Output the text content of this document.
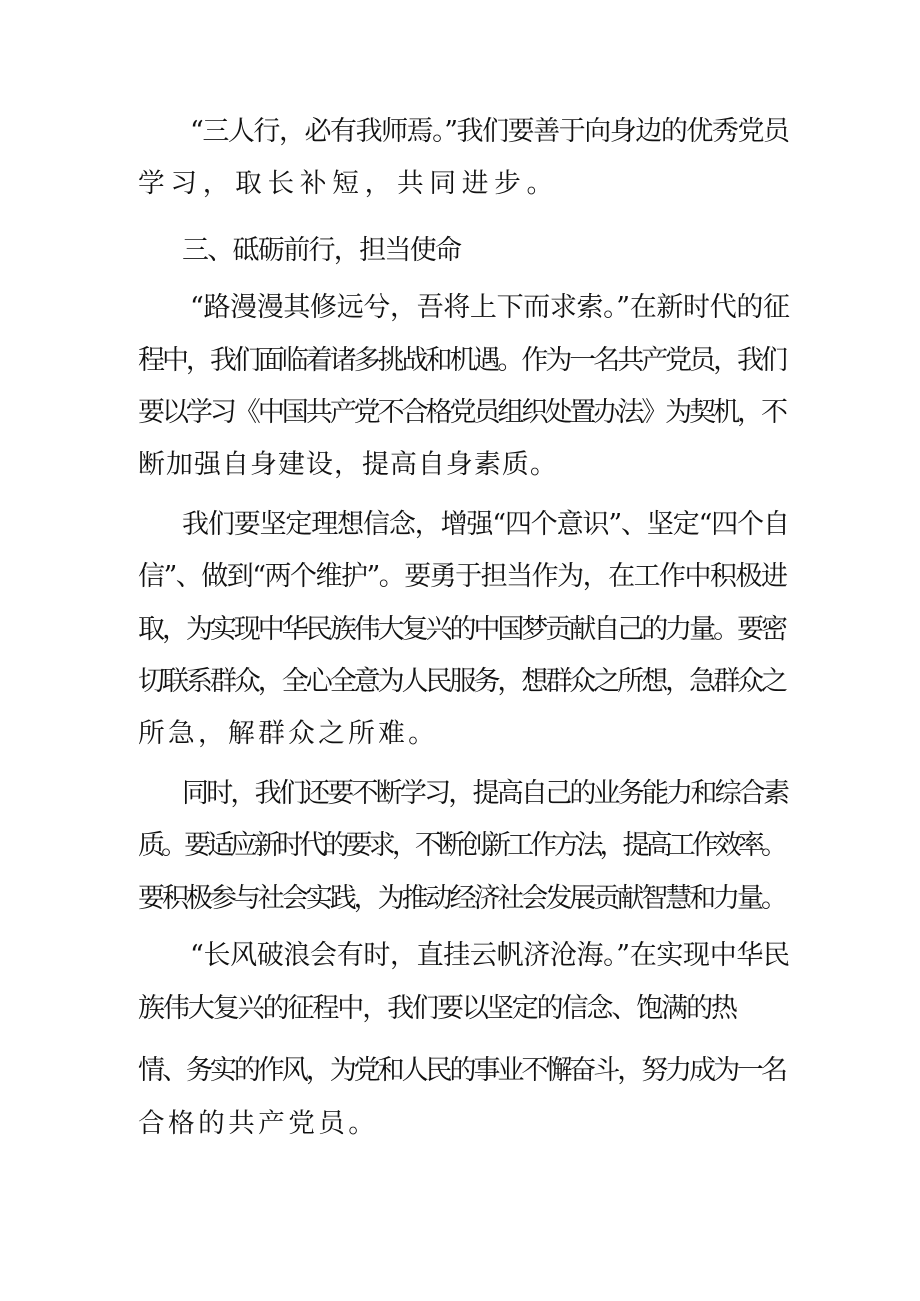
“三人行，必有我师焉。”我们要善于向身边的优秀党员
学习，取长补短，共同进步。
三、砥砺前行，担当使命
“路漫漫其修远兮，吾将上下而求索。”在新时代的征
程中，我们面临着诸多挑战和机遇。作为一名共产党员，我们
要以学习《中国共产党不合格党员组织处置办法》为契机，不
断加强自身建设，提高自身素质。
我们要坚定理想信念，增强“四个意识”、坚定“四个自
信”、做到“两个维护”。要勇于担当作为，在工作中积极进
取，为实现中华民族伟大复兴的中国梦贡献自己的力量。要密
切联系群众，全心全意为人民服务，想群众之所想，急群众之
所急，解群众之所难。
同时，我们还要不断学习，提高自己的业务能力和综合素
质。要适应新时代的要求，不断创新工作方法，提高工作效率。
要积极参与社会实践，为推动经济社会发展贡献智慧和力量。
“长风破浪会有时，直挂云帆济沧海。”在实现中华民
族伟大复兴的征程中，我们要以坚定的信念、饱满的热
情、务实的作风，为党和人民的事业不懈奋斗，努力成为一名
合格的共产党员。
